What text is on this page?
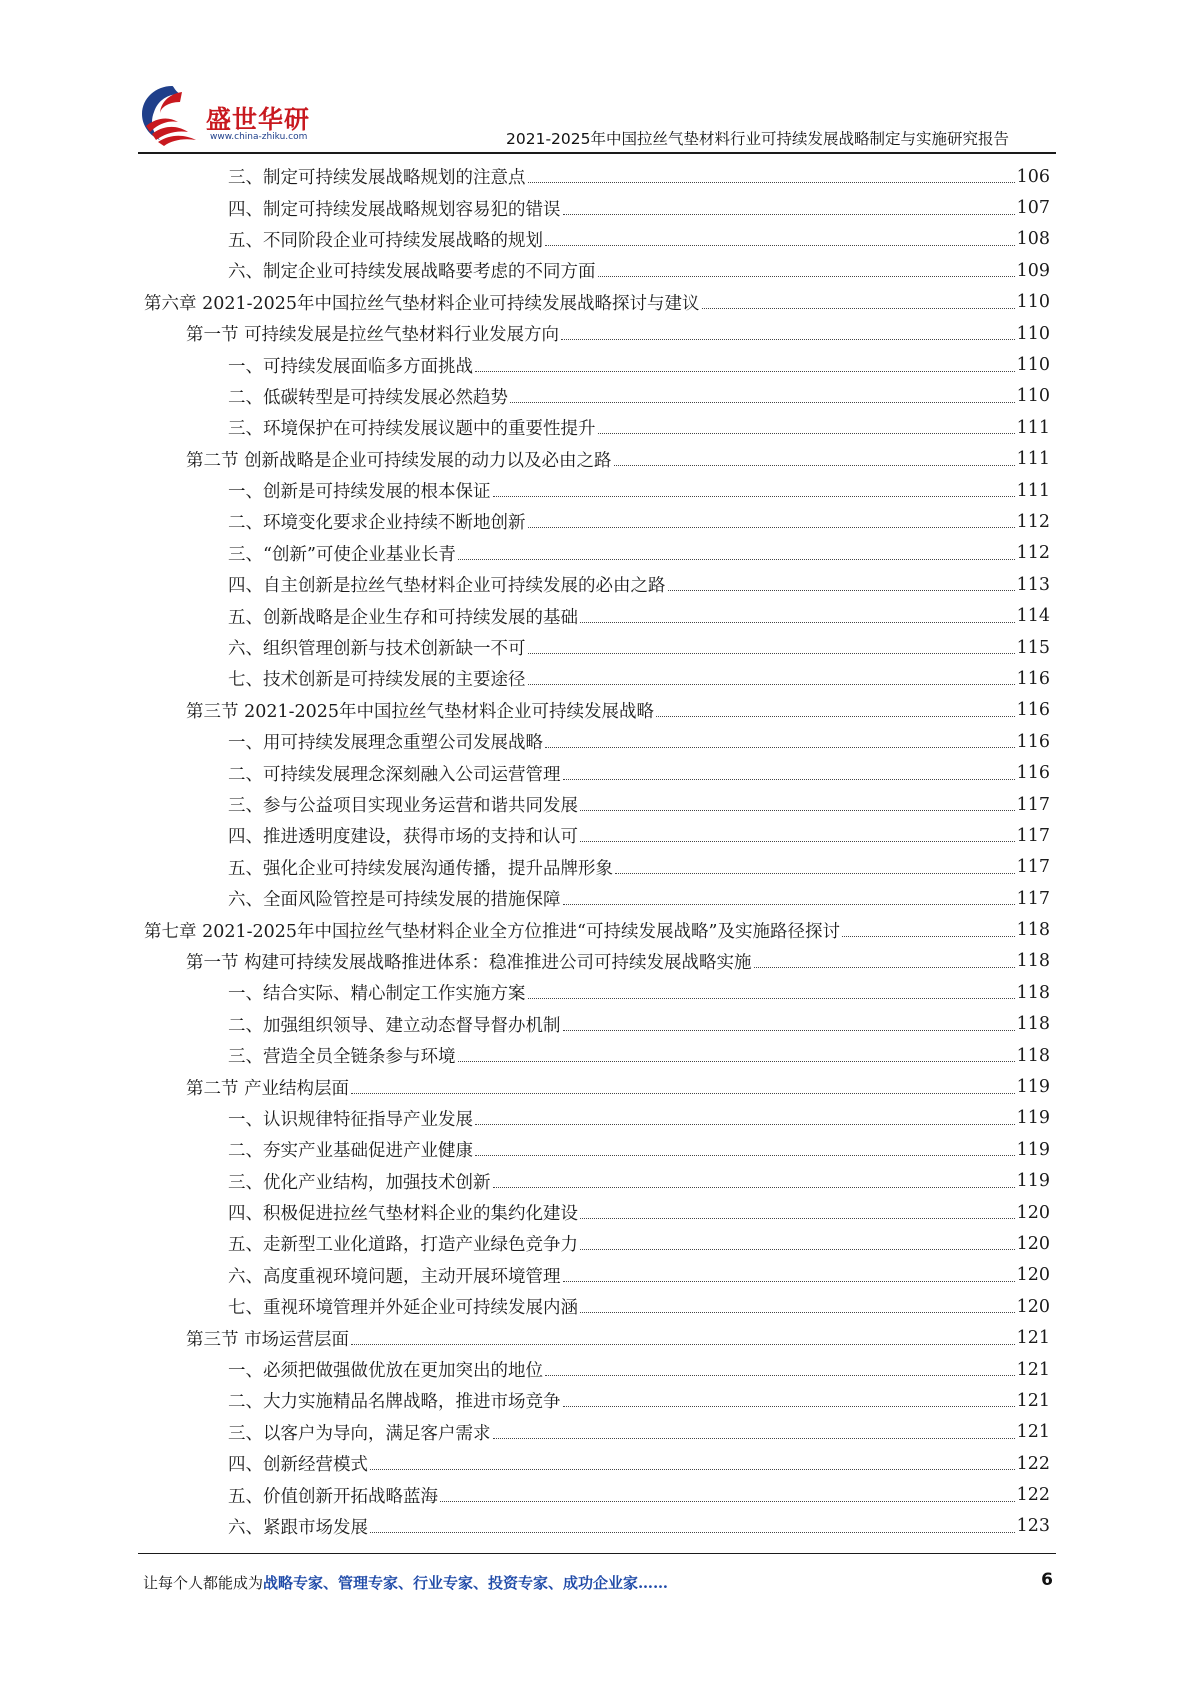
盛世华研
www.china-zhiku.com	2021-2025年中国拉丝气垫材料行业可持续发展战略制定与实施研究报告
三、制定可持续发展战略规划的注意点	106
四、制定可持续发展战略规划容易犯的错误	107
五、不同阶段企业可持续发展战略的规划	108
六、制定企业可持续发展战略要考虑的不同方面	109
第六章 2021-2025年中国拉丝气垫材料企业可持续发展战略探讨与建议	110
第一节 可持续发展是拉丝气垫材料行业发展方向	110
一、可持续发展面临多方面挑战	110
二、低碳转型是可持续发展必然趋势	110
三、环境保护在可持续发展议题中的重要性提升	111
第二节 创新战略是企业可持续发展的动力以及必由之路	111
一、创新是可持续发展的根本保证	111
二、环境变化要求企业持续不断地创新	112
三、“创新”可使企业基业长青	112
四、自主创新是拉丝气垫材料企业可持续发展的必由之路	113
五、创新战略是企业生存和可持续发展的基础	114
六、组织管理创新与技术创新缺一不可	115
七、技术创新是可持续发展的主要途径	116
第三节 2021-2025年中国拉丝气垫材料企业可持续发展战略	116
一、用可持续发展理念重塑公司发展战略	116
二、可持续发展理念深刻融入公司运营管理	116
三、参与公益项目实现业务运营和谐共同发展	117
四、推进透明度建设，获得市场的支持和认可	117
五、强化企业可持续发展沟通传播，提升品牌形象	117
六、全面风险管控是可持续发展的措施保障	117
第七章 2021-2025年中国拉丝气垫材料企业全方位推进“可持续发展战略”及实施路径探讨	118
第一节 构建可持续发展战略推进体系：稳准推进公司可持续发展战略实施	118
一、结合实际、精心制定工作实施方案	118
二、加强组织领导、建立动态督导督办机制	118
三、营造全员全链条参与环境	118
第二节 产业结构层面	119
一、认识规律特征指导产业发展	119
二、夯实产业基础促进产业健康	119
三、优化产业结构，加强技术创新	119
四、积极促进拉丝气垫材料企业的集约化建设	120
五、走新型工业化道路，打造产业绿色竞争力	120
六、高度重视环境问题，主动开展环境管理	120
七、重视环境管理并外延企业可持续发展内涵	120
第三节 市场运营层面	121
一、必须把做强做优放在更加突出的地位	121
二、大力实施精品名牌战略，推进市场竞争	121
三、以客户为导向，满足客户需求	121
四、创新经营模式	122
五、价值创新开拓战略蓝海	122
六、紧跟市场发展	123
让每个人都能成为战略专家、管理专家、行业专家、投资专家、成功企业家……	6
